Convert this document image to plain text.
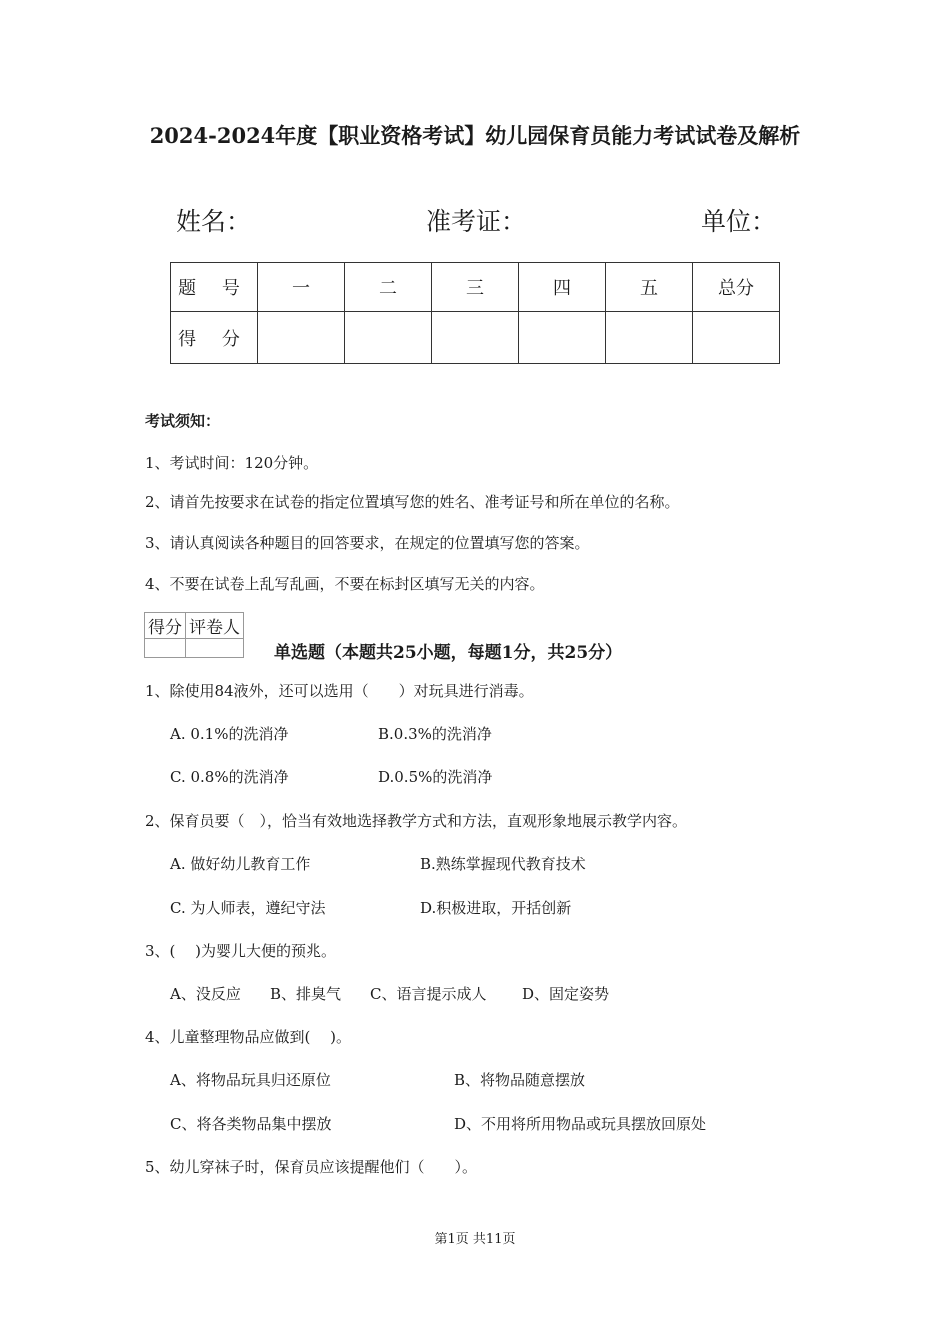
2024-2024年度【职业资格考试】幼儿园保育员能力考试试卷及解析
姓名：	准考证：	单位：
题 号	一	二	三	四	五	总分
得 分						
考试须知：
1、考试时间：120分钟。
2、请首先按要求在试卷的指定位置填写您的姓名、准考证号和所在单位的名称。
3、请认真阅读各种题目的回答要求，在规定的位置填写您的答案。
4、不要在试卷上乱写乱画，不要在标封区填写无关的内容。
得分	评卷人

单选题（本题共25小题，每题1分，共25分）
1、除使用84液外，还可以选用（　　）对玩具进行消毒。
A. 0.1%的洗消净	B.0.3%的洗消净
C. 0.8%的洗消净	D.0.5%的洗消净
2、保育员要（　），恰当有效地选择教学方式和方法，直观形象地展示教学内容。
A. 做好幼儿教育工作	B.熟练掌握现代教育技术
C. 为人师表，遵纪守法	D.积极进取，开括创新
3、(　 )为婴儿大便的预兆。
A、没反应 B、排臭气 C、语言提示成人 D、固定姿势
4、儿童整理物品应做到(　 )。
A、将物品玩具归还原位	B、将物品随意摆放
C、将各类物品集中摆放	D、不用将所用物品或玩具摆放回原处
5、幼儿穿袜子时，保育员应该提醒他们（　　）。
第1页 共11页
